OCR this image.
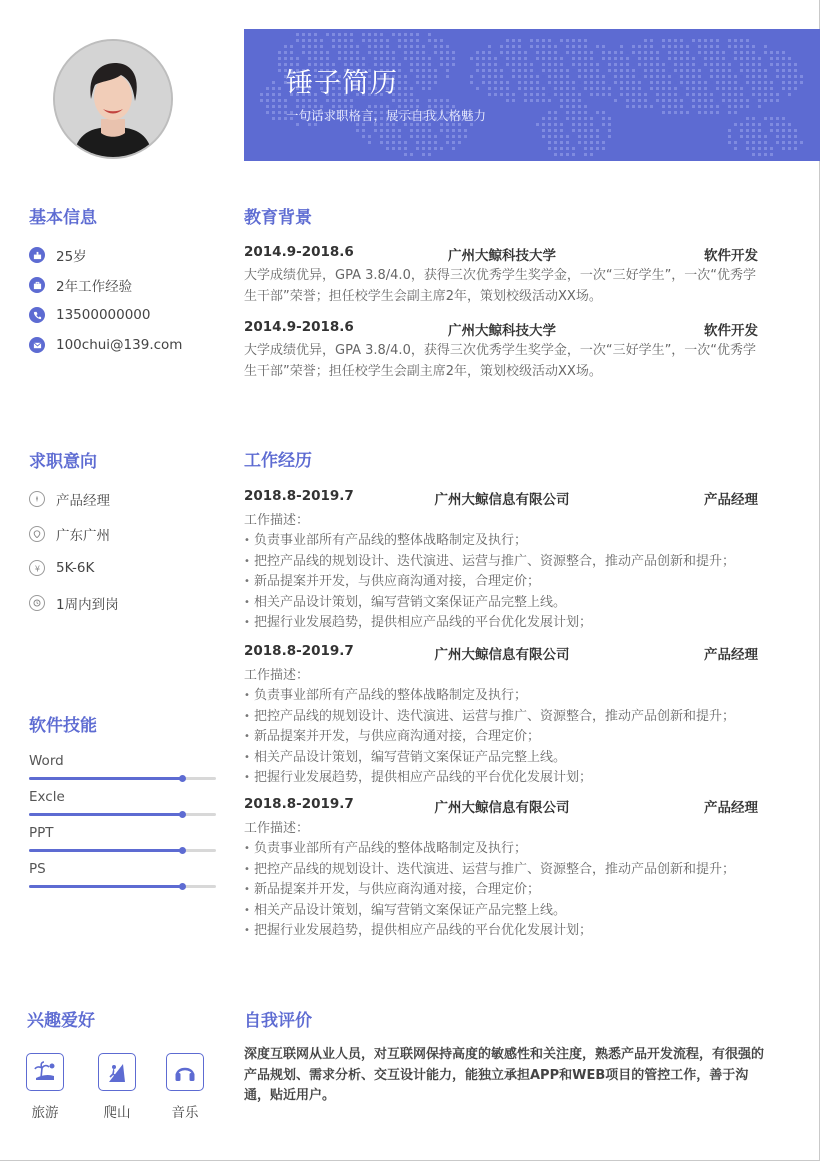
锤子简历
一句话求职格言，展示自我人格魅力
基本信息
25岁
2年工作经验
13500000000
100chui@139.com
求职意向
产品经理
广东广州
¥ 5K-6K
1周内到岗
软件技能
Word
Excle
PPT
PS
兴趣爱好
旅游	爬山	音乐
教育背景
2014.9-2018.6	广州大鲸科技大学	软件开发
大学成绩优异，GPA 3.8/4.0，获得三次优秀学生奖学金，一次“三好学生”，一次“优秀学生干部”荣誉；担任校学生会副主席2年，策划校级活动XX场。
2014.9-2018.6	广州大鲸科技大学	软件开发
大学成绩优异，GPA 3.8/4.0，获得三次优秀学生奖学金，一次“三好学生”，一次“优秀学生干部”荣誉；担任校学生会副主席2年，策划校级活动XX场。
工作经历
2018.8-2019.7	广州大鲸信息有限公司	产品经理
工作描述：
• 负责事业部所有产品线的整体战略制定及执行；
• 把控产品线的规划设计、迭代演进、运营与推广、资源整合，推动产品创新和提升；
• 新品提案并开发，与供应商沟通对接，合理定价；
• 相关产品设计策划，编写营销文案保证产品完整上线。
• 把握行业发展趋势，提供相应产品线的平台优化发展计划；
2018.8-2019.7	广州大鲸信息有限公司	产品经理
工作描述：
• 负责事业部所有产品线的整体战略制定及执行；
• 把控产品线的规划设计、迭代演进、运营与推广、资源整合，推动产品创新和提升；
• 新品提案并开发，与供应商沟通对接，合理定价；
• 相关产品设计策划，编写营销文案保证产品完整上线。
• 把握行业发展趋势，提供相应产品线的平台优化发展计划；
2018.8-2019.7	广州大鲸信息有限公司	产品经理
工作描述：
• 负责事业部所有产品线的整体战略制定及执行；
• 把控产品线的规划设计、迭代演进、运营与推广、资源整合，推动产品创新和提升；
• 新品提案并开发，与供应商沟通对接，合理定价；
• 相关产品设计策划，编写营销文案保证产品完整上线。
• 把握行业发展趋势，提供相应产品线的平台优化发展计划；
自我评价
深度互联网从业人员，对互联网保持高度的敏感性和关注度，熟悉产品开发流程，有很强的产品规划、需求分析、交互设计能力，能独立承担APP和WEB项目的管控工作，善于沟通，贴近用户。
